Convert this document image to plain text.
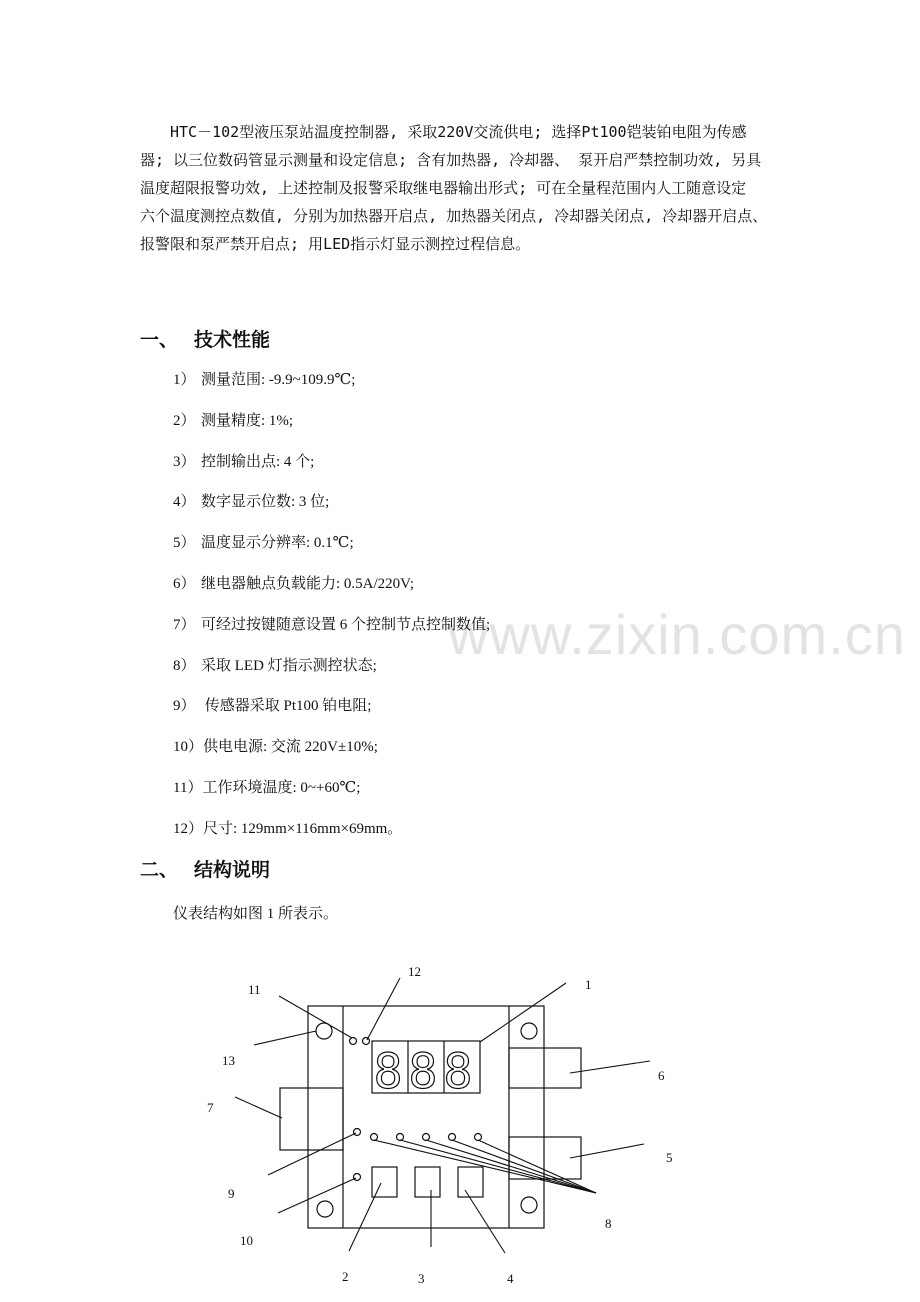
www.zixin.com.cn
HTC－102型液压泵站温度控制器, 采取220V交流供电; 选择Pt100铠装铂电阻为传感
器; 以三位数码管显示测量和设定信息; 含有加热器, 冷却器、 泵开启严禁控制功效, 另具
温度超限报警功效, 上述控制及报警采取继电器输出形式; 可在全量程范围内人工随意设定
六个温度测控点数值, 分别为加热器开启点, 加热器关闭点, 冷却器关闭点, 冷却器开启点、
报警限和泵严禁开启点; 用LED指示灯显示测控过程信息。
一、 技术性能
1） 测量范围: -9.9~109.9℃;
2） 测量精度: 1%;
3） 控制输出点: 4 个;
4） 数字显示位数: 3 位;
5） 温度显示分辨率: 0.1℃;
6） 继电器触点负载能力: 0.5A/220V;
7） 可经过按键随意设置 6 个控制节点控制数值;
8） 采取 LED 灯指示测控状态;
9） 传感器采取 Pt100 铂电阻;
10）供电电源: 交流 220V±10%;
11）工作环境温度: 0~+60℃;
12）尺寸: 129mm×116mm×69mm。
二、 结构说明

仪表结构如图 1 所表示。

888
1
2	3	4
5
6
7
8
9
10
11
12
13
